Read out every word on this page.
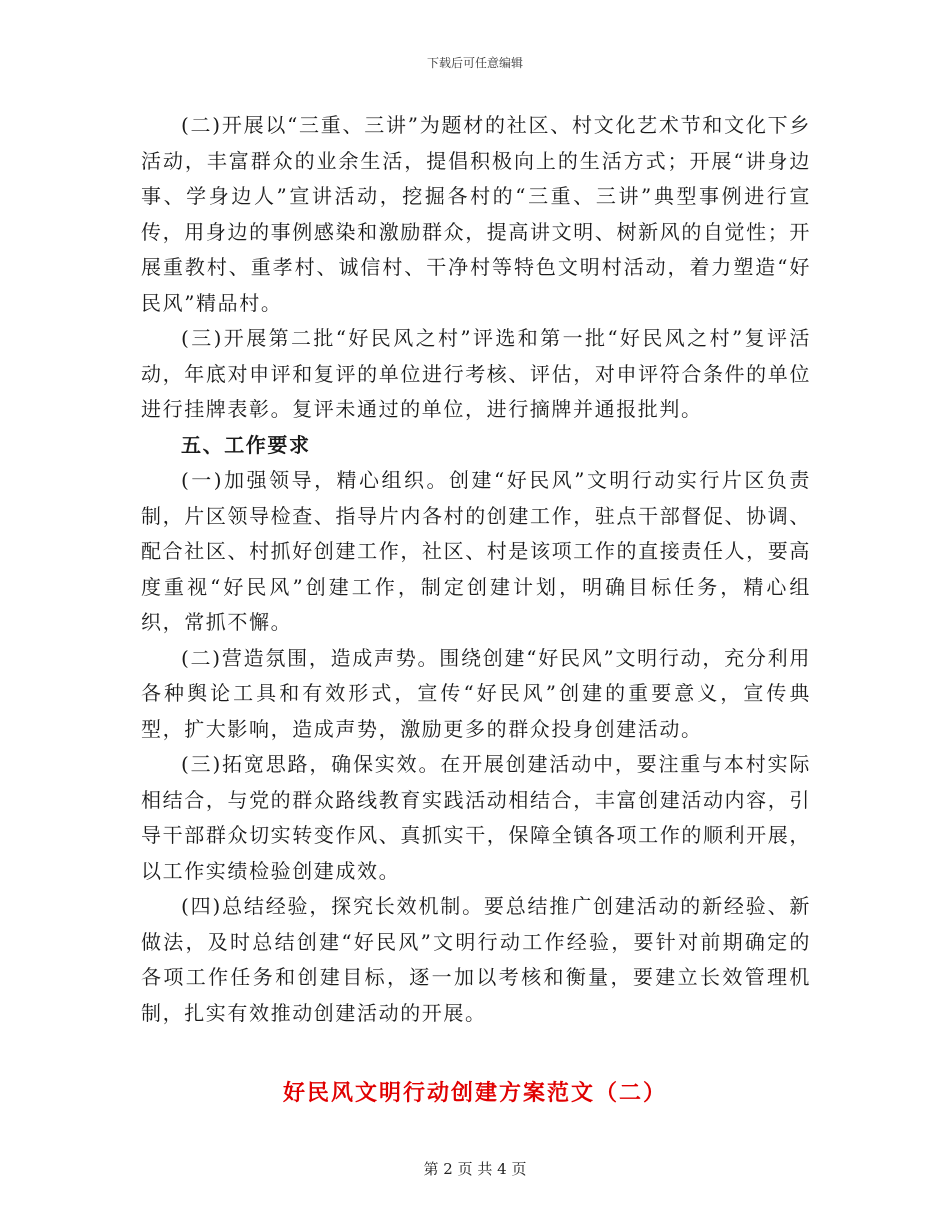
下载后可任意编辑

(二)开展以“三重、三讲”为题材的社区、村文化艺术节和文化下乡活动，丰富群众的业余生活，提倡积极向上的生活方式；开展“讲身边事、学身边人”宣讲活动，挖掘各村的“三重、三讲”典型事例进行宣传，用身边的事例感染和激励群众，提高讲文明、树新风的自觉性；开展重教村、重孝村、诚信村、干净村等特色文明村活动，着力塑造“好民风”精品村。

(三)开展第二批“好民风之村”评选和第一批“好民风之村”复评活动，年底对申评和复评的单位进行考核、评估，对申评符合条件的单位进行挂牌表彰。复评未通过的单位，进行摘牌并通报批判。

五、工作要求

(一)加强领导，精心组织。创建“好民风”文明行动实行片区负责制，片区领导检查、指导片内各村的创建工作，驻点干部督促、协调、配合社区、村抓好创建工作，社区、村是该项工作的直接责任人，要高度重视“好民风”创建工作，制定创建计划，明确目标任务，精心组织，常抓不懈。

(二)营造氛围，造成声势。围绕创建“好民风”文明行动，充分利用各种舆论工具和有效形式，宣传“好民风”创建的重要意义，宣传典型，扩大影响，造成声势，激励更多的群众投身创建活动。

(三)拓宽思路，确保实效。在开展创建活动中，要注重与本村实际相结合，与党的群众路线教育实践活动相结合，丰富创建活动内容，引导干部群众切实转变作风、真抓实干，保障全镇各项工作的顺利开展，以工作实绩检验创建成效。

(四)总结经验，探究长效机制。要总结推广创建活动的新经验、新做法，及时总结创建“好民风”文明行动工作经验，要针对前期确定的各项工作任务和创建目标，逐一加以考核和衡量，要建立长效管理机制，扎实有效推动创建活动的开展。

好民风文明行动创建方案范文（二）
第 2 页 共 4 页
